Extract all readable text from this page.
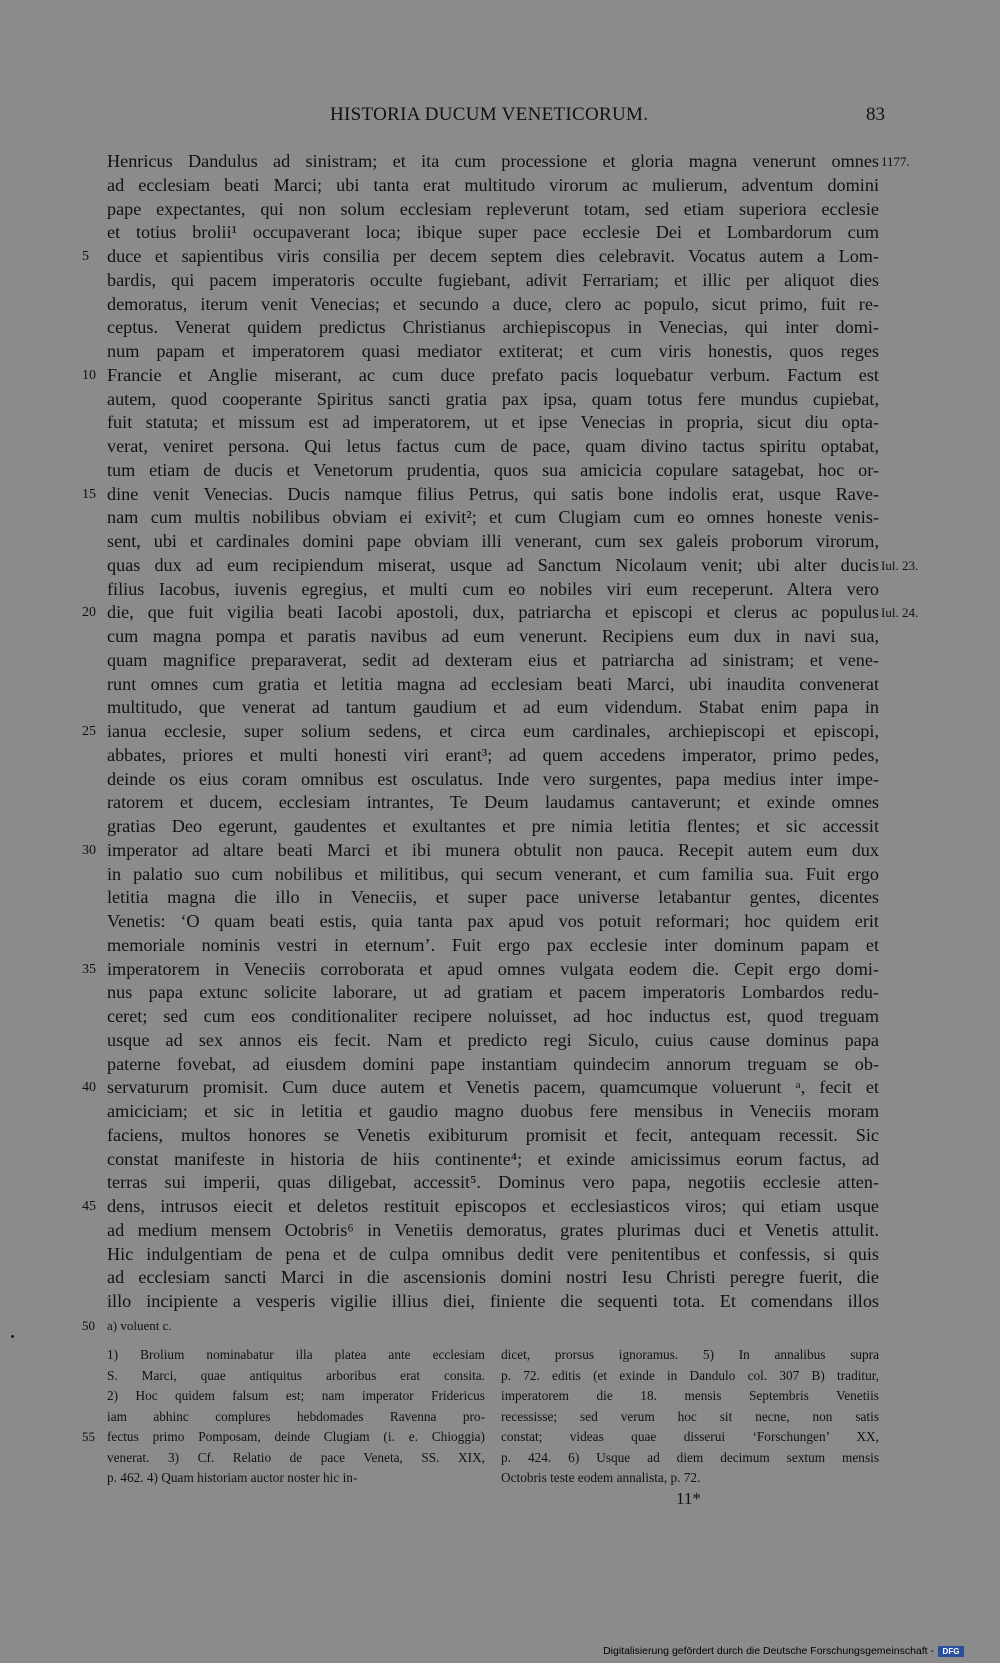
HISTORIA DUCUM VENETICORUM.	83
Henricus Dandulus ad sinistram; et ita cum processione et gloria magna venerunt omnes 1177.
ad ecclesiam beati Marci; ubi tanta erat multitudo virorum ac mulierum, adventum domini
pape expectantes, qui non solum ecclesiam repleverunt totam, sed etiam superiora ecclesie
et totius brolii¹ occupaverant loca; ibique super pace ecclesie Dei et Lombardorum cum
5 duce et sapientibus viris consilia per decem septem dies celebravit. Vocatus autem a Lom-
bardis, qui pacem imperatoris occulte fugiebant, adivit Ferrariam; et illic per aliquot dies
demoratus, iterum venit Venecias; et secundo a duce, clero ac populo, sicut primo, fuit re-
ceptus. Venerat quidem predictus Christianus archiepiscopus in Venecias, qui inter domi-
num papam et imperatorem quasi mediator extiterat; et cum viris honestis, quos reges
10 Francie et Anglie miserant, ac cum duce prefato pacis loquebatur verbum. Factum est
autem, quod cooperante Spiritus sancti gratia pax ipsa, quam totus fere mundus cupiebat,
fuit statuta; et missum est ad imperatorem, ut et ipse Venecias in propria, sicut diu opta-
verat, veniret persona. Qui letus factus cum de pace, quam divino tactus spiritu optabat,
tum etiam de ducis et Venetorum prudentia, quos sua amicicia copulare satagebat, hoc or-
15 dine venit Venecias. Ducis namque filius Petrus, qui satis bone indolis erat, usque Rave-
nam cum multis nobilibus obviam ei exivit²; et cum Clugiam cum eo omnes honeste venis-
sent, ubi et cardinales domini pape obviam illi venerant, cum sex galeis proborum virorum,
quas dux ad eum recipiendum miserat, usque ad Sanctum Nicolaum venit; ubi alter ducis Iul. 23.
filius Iacobus, iuvenis egregius, et multi cum eo nobiles viri eum receperunt. Altera vero
20 die, que fuit vigilia beati Iacobi apostoli, dux, patriarcha et episcopi et clerus ac populus Iul. 24.
cum magna pompa et paratis navibus ad eum venerunt. Recipiens eum dux in navi sua,
quam magnifice preparaverat, sedit ad dexteram eius et patriarcha ad sinistram; et vene-
runt omnes cum gratia et letitia magna ad ecclesiam beati Marci, ubi inaudita convenerat
multitudo, que venerat ad tantum gaudium et ad eum videndum. Stabat enim papa in
25 ianua ecclesie, super solium sedens, et circa eum cardinales, archiepiscopi et episcopi,
abbates, priores et multi honesti viri erant³; ad quem accedens imperator, primo pedes,
deinde os eius coram omnibus est osculatus. Inde vero surgentes, papa medius inter impe-
ratorem et ducem, ecclesiam intrantes, Te Deum laudamus cantaverunt; et exinde omnes
gratias Deo egerunt, gaudentes et exultantes et pre nimia letitia flentes; et sic accessit
30 imperator ad altare beati Marci et ibi munera obtulit non pauca. Recepit autem eum dux
in palatio suo cum nobilibus et militibus, qui secum venerant, et cum familia sua. Fuit ergo
letitia magna die illo in Veneciis, et super pace universe letabantur gentes, dicentes
Venetis: ‘O quam beati estis, quia tanta pax apud vos potuit reformari; hoc quidem erit
memoriale nominis vestri in eternum’. Fuit ergo pax ecclesie inter dominum papam et
35 imperatorem in Veneciis corroborata et apud omnes vulgata eodem die. Cepit ergo domi-
nus papa extunc solicite laborare, ut ad gratiam et pacem imperatoris Lombardos redu-
ceret; sed cum eos conditionaliter recipere noluisset, ad hoc inductus est, quod treguam
usque ad sex annos eis fecit. Nam et predicto regi Siculo, cuius cause dominus papa
paterne fovebat, ad eiusdem domini pape instantiam quindecim annorum treguam se ob-
40 servaturum promisit. Cum duce autem et Venetis pacem, quamcumque voluerunt ᵃ, fecit et
amiciciam; et sic in letitia et gaudio magno duobus fere mensibus in Veneciis moram
faciens, multos honores se Venetis exibiturum promisit et fecit, antequam recessit. Sic
constat manifeste in historia de hiis continente⁴; et exinde amicissimus eorum factus, ad
terras sui imperii, quas diligebat, accessit⁵. Dominus vero papa, negotiis ecclesie atten-
45 dens, intrusos eiecit et deletos restituit episcopos et ecclesiasticos viros; qui etiam usque
ad medium mensem Octobris⁶ in Venetiis demoratus, grates plurimas duci et Venetis attulit.
Hic indulgentiam de pena et de culpa omnibus dedit vere penitentibus et confessis, si quis
ad ecclesiam sancti Marci in die ascensionis domini nostri Iesu Christi peregre fuerit, die
illo incipiente a vesperis vigilie illius diei, finiente die sequenti tota. Et comendans illos
50 a) voluent c.
1) Brolium nominabatur illa platea ante ecclesiam dicet, prorsus ignoramus. 5) In annalibus supra
S. Marci, quae antiquitus arboribus erat consita. p. 72. editis (et exinde in Dandulo col. 307 B) traditur,
2) Hoc quidem falsum est; nam imperator Fridericus imperatorem die 18. mensis Septembris Venetiis
iam abhinc complures hebdomades Ravenna pro- recessisse; sed verum hoc sit necne, non satis
55 fectus primo Pomposam, deinde Clugiam (i. e. Chioggia) constat; videas quae disserui ‘Forschungen’ XX,
venerat. 3) Cf. Relatio de pace Veneta, SS. XIX, p. 424. 6) Usque ad diem decimum sextum mensis
p. 462. 4) Quam historiam auctor noster hic in-	Octobris teste eodem annalista, p. 72.
11*
Digitalisierung gefördert durch die Deutsche Forschungsgemeinschaft -	DFG
